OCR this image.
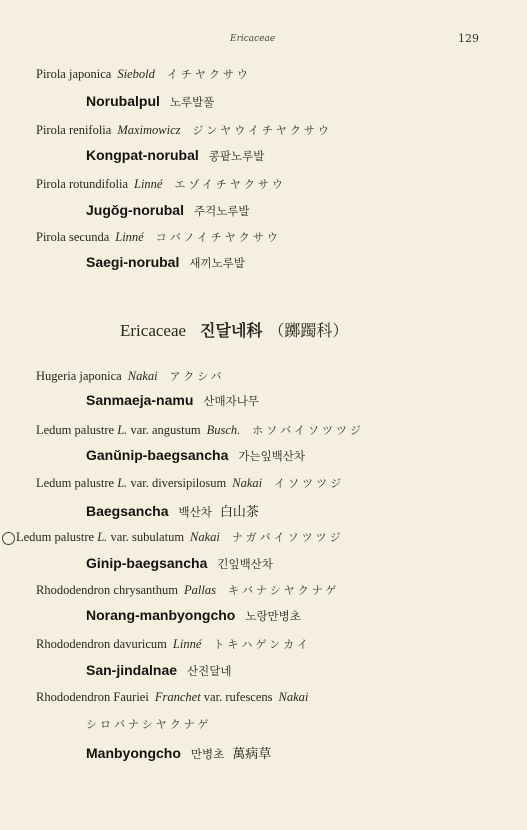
Ericaceae	129
Pirola japonica Siebold イチヤクサウ
Norubalpul 노루발풀
Pirola renifolia Maximowicz ジンヤウイチヤクサウ
Kongpat-norubal 콩팥노루발
Pirola rotundifolia Linné エゾイチヤクサウ
Jugŏg-norubal 주걱노루발
Pirola secunda Linné コバノイチヤクサウ
Saegi-norubal 새끼노루발
Ericaceae 진달네科 （躑躅科）
Hugeria japonica Nakai アクシバ
Sanmaeja-namu 산매자나무
Ledum palustre L. var. angustum Busch. ホソバイソツツジ
Ganŭnip-baegsancha 가는잎백산차
Ledum palustre L. var. diversipilosum Nakai イソツツジ
Baegsancha 백산차 白山茶
Ledum palustre L. var. subulatum Nakai ナガバイソツツジ
Ginip-baegsancha 긴잎백산차
Rhododendron chrysanthum Pallas キバナシヤクナゲ
Norang-manbyongcho 노랑만병초
Rhododendron davuricum Linné トキハゲンカイ
San-jindalnae 산진달네
Rhododendron Fauriei Franchet var. rufescens Nakai
シロバナシヤクナゲ
Manbyongcho 만병초 萬病草
